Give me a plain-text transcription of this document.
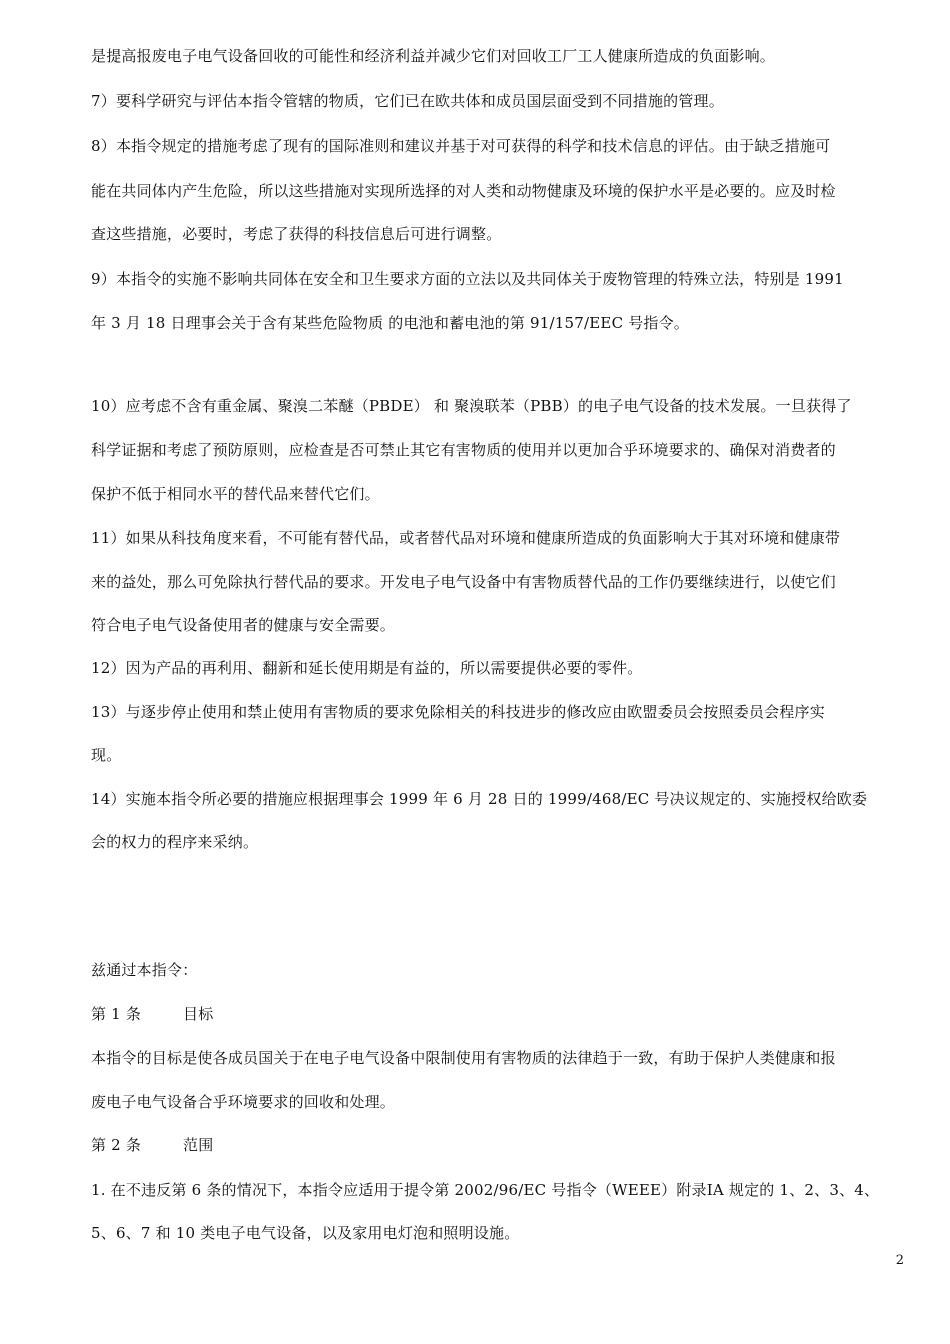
是提高报废电子电气设备回收的可能性和经济利益并减少它们对回收工厂工人健康所造成的负面影响。
7）要科学研究与评估本指令管辖的物质，它们已在欧共体和成员国层面受到不同措施的管理。
8）本指令规定的措施考虑了现有的国际准则和建议并基于对可获得的科学和技术信息的评估。由于缺乏措施可
能在共同体内产生危险，所以这些措施对实现所选择的对人类和动物健康及环境的保护水平是必要的。应及时检
查这些措施，必要时，考虑了获得的科技信息后可进行调整。
9）本指令的实施不影响共同体在安全和卫生要求方面的立法以及共同体关于废物管理的特殊立法，特别是 1991
年 3 月 18 日理事会关于含有某些危险物质 的电池和蓄电池的第 91/157/EEC 号指令。
10）应考虑不含有重金属、聚溴二苯醚（PBDE） 和 聚溴联苯（PBB）的电子电气设备的技术发展。一旦获得了
科学证据和考虑了预防原则，应检查是否可禁止其它有害物质的使用并以更加合乎环境要求的、确保对消费者的
保护不低于相同水平的替代品来替代它们。
11）如果从科技角度来看，不可能有替代品，或者替代品对环境和健康所造成的负面影响大于其对环境和健康带
来的益处，那么可免除执行替代品的要求。开发电子电气设备中有害物质替代品的工作仍要继续进行，以使它们
符合电子电气设备使用者的健康与安全需要。
12）因为产品的再利用、翻新和延长使用期是有益的，所以需要提供必要的零件。
13）与逐步停止使用和禁止使用有害物质的要求免除相关的科技进步的修改应由欧盟委员会按照委员会程序实
现。
14）实施本指令所必要的措施应根据理事会 1999 年 6 月 28 日的 1999/468/EC 号决议规定的、实施授权给欧委
会的权力的程序来采纳。
兹通过本指令：
第 1 条	目标
本指令的目标是使各成员国关于在电子电气设备中限制使用有害物质的法律趋于一致，有助于保护人类健康和报
废电子电气设备合乎环境要求的回收和处理。
第 2 条	范围
1. 在不违反第 6 条的情况下，本指令应适用于提令第 2002/96/EC 号指令（WEEE）附录ⅠA 规定的 1、2、3、4、
5、6、7 和 10 类电子电气设备，以及家用电灯泡和照明设施。
2
